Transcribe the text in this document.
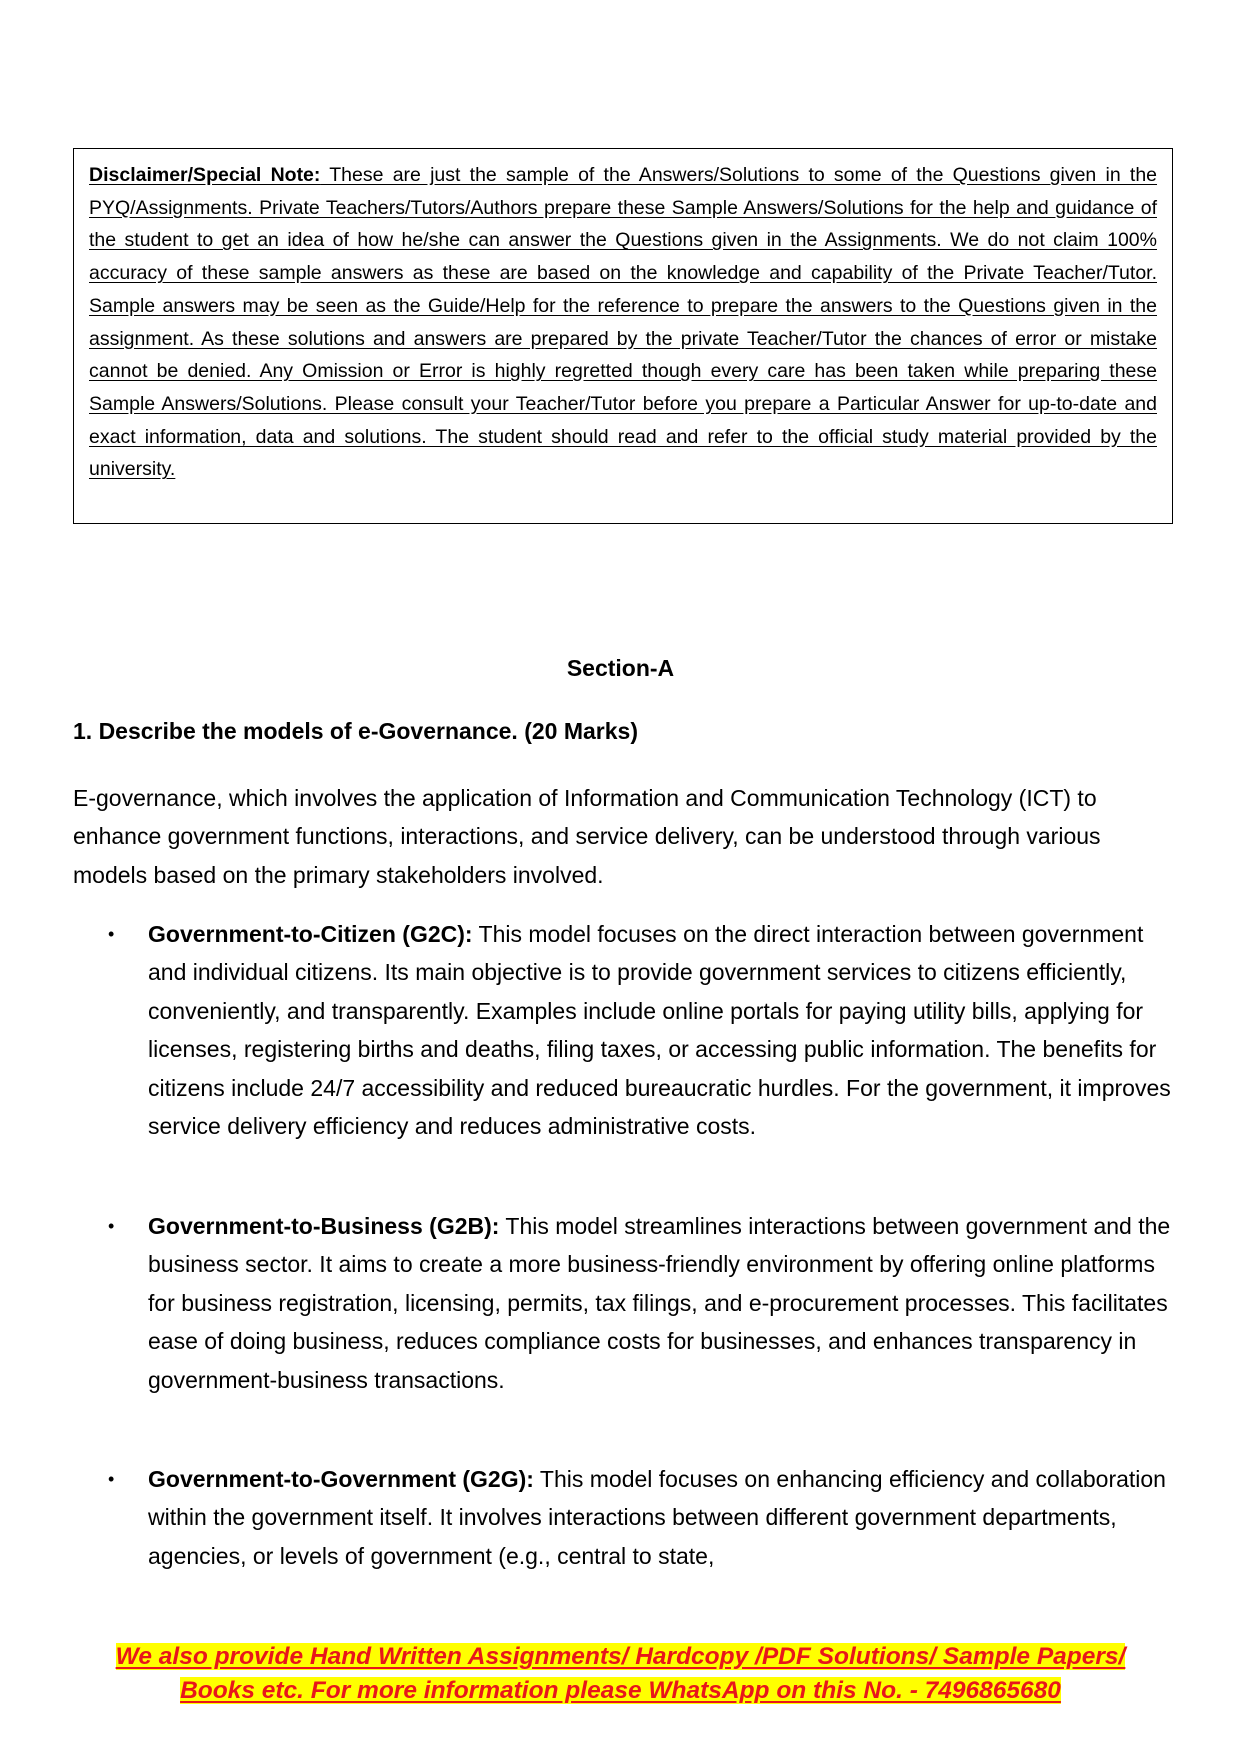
Disclaimer/Special Note: These are just the sample of the Answers/Solutions to some of the Questions given in the PYQ/Assignments. Private Teachers/Tutors/Authors prepare these Sample Answers/Solutions for the help and guidance of the student to get an idea of how he/she can answer the Questions given in the Assignments. We do not claim 100% accuracy of these sample answers as these are based on the knowledge and capability of the Private Teacher/Tutor. Sample answers may be seen as the Guide/Help for the reference to prepare the answers to the Questions given in the assignment. As these solutions and answers are prepared by the private Teacher/Tutor the chances of error or mistake cannot be denied. Any Omission or Error is highly regretted though every care has been taken while preparing these Sample Answers/Solutions. Please consult your Teacher/Tutor before you prepare a Particular Answer for up-to-date and exact information, data and solutions. The student should read and refer to the official study material provided by the university.

Section-A

1. Describe the models of e-Governance. (20 Marks)

E-governance, which involves the application of Information and Communication Technology (ICT) to enhance government functions, interactions, and service delivery, can be understood through various models based on the primary stakeholders involved.

• Government-to-Citizen (G2C): This model focuses on the direct interaction between government and individual citizens. Its main objective is to provide government services to citizens efficiently, conveniently, and transparently. Examples include online portals for paying utility bills, applying for licenses, registering births and deaths, filing taxes, or accessing public information. The benefits for citizens include 24/7 accessibility and reduced bureaucratic hurdles. For the government, it improves service delivery efficiency and reduces administrative costs.
• Government-to-Business (G2B): This model streamlines interactions between government and the business sector. It aims to create a more business-friendly environment by offering online platforms for business registration, licensing, permits, tax filings, and e-procurement processes. This facilitates ease of doing business, reduces compliance costs for businesses, and enhances transparency in government-business transactions.
• Government-to-Government (G2G): This model focuses on enhancing efficiency and collaboration within the government itself. It involves interactions between different government departments, agencies, or levels of government (e.g., central to state,

We also provide Hand Written Assignments/ Hardcopy /PDF Solutions/ Sample Papers/
Books etc. For more information please WhatsApp on this No. - 7496865680
